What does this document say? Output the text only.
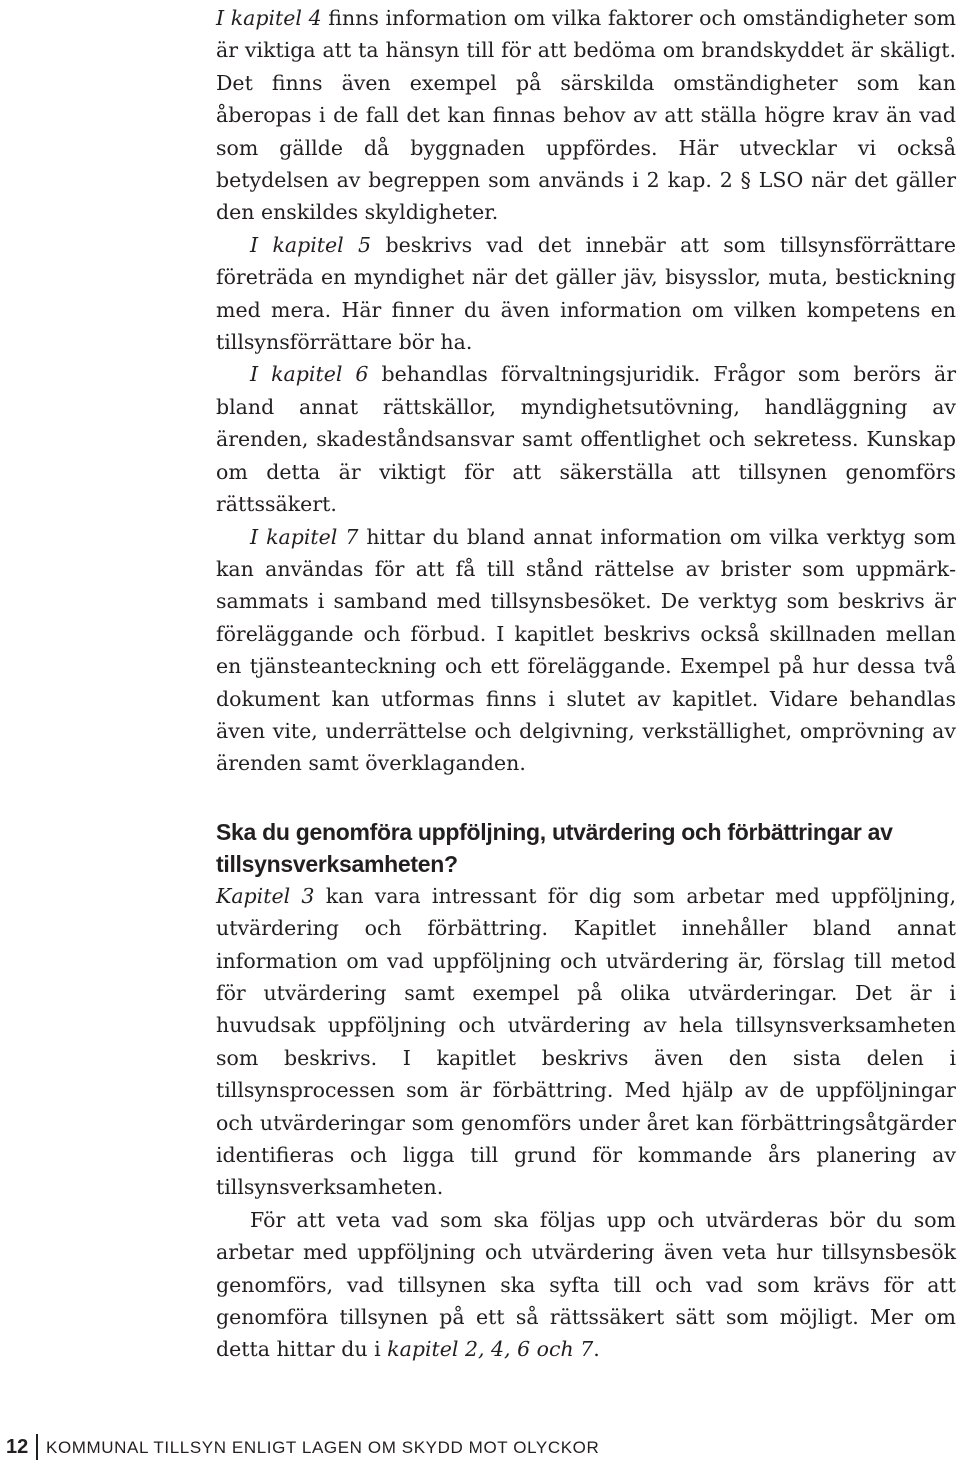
I kapitel 4 finns information om vilka faktorer och omständigheter som är viktiga att ta hänsyn till för att bedöma om brandskyddet är skäligt. Det finns även exempel på särskilda omständigheter som kan åberopas i de fall det kan finnas behov av att ställa högre krav än vad som gällde då byggnaden uppfördes. Här utvecklar vi också betydelsen av begreppen som används i 2 kap. 2 § LSO när det gäller den enskildes skyldigheter.

I kapitel 5 beskrivs vad det innebär att som tillsynsförrättare företräda en myndighet när det gäller jäv, bisysslor, muta, bestickning med mera. Här finner du även information om vilken kompetens en tillsynsförrättare bör ha.

I kapitel 6 behandlas förvaltningsjuridik. Frågor som berörs är bland annat rättskällor, myndighetsutövning, handläggning av ärenden, skadeståndsansvar samt offentlighet och sekretess. Kunskap om detta är viktigt för att säkerställa att tillsynen genomförs rättssäkert.

I kapitel 7 hittar du bland annat information om vilka verktyg som kan användas för att få till stånd rättelse av brister som uppmärksammats i samband med tillsynsbesöket. De verktyg som beskrivs är föreläggande och förbud. I kapitlet beskrivs också skillnaden mellan en tjänsteanteckning och ett föreläggande. Exempel på hur dessa två dokument kan utformas finns i slutet av kapitlet. Vidare behandlas även vite, underrättelse och delgivning, verkställighet, omprövning av ärenden samt överklaganden.

Ska du genomföra uppföljning, utvärdering och förbättringar av tillsynsverksamheten?

Kapitel 3 kan vara intressant för dig som arbetar med uppföljning, utvärdering och förbättring. Kapitlet innehåller bland annat information om vad uppföljning och utvärdering är, förslag till metod för utvärdering samt exempel på olika utvärderingar. Det är i huvudsak uppföljning och utvärdering av hela tillsynsverksamheten som beskrivs. I kapitlet beskrivs även den sista delen i tillsynsprocessen som är förbättring. Med hjälp av de uppföljningar och utvärderingar som genomförs under året kan förbättringsåtgärder identifieras och ligga till grund för kommande års planering av tillsynsverksamheten.

För att veta vad som ska följas upp och utvärderas bör du som arbetar med uppföljning och utvärdering även veta hur tillsynsbesök genomförs, vad tillsynen ska syfta till och vad som krävs för att genomföra tillsynen på ett så rättssäkert sätt som möjligt. Mer om detta hittar du i kapitel 2, 4, 6 och 7.

12 KOMMUNAL TILLSYN ENLIGT LAGEN OM SKYDD MOT OLYCKOR
